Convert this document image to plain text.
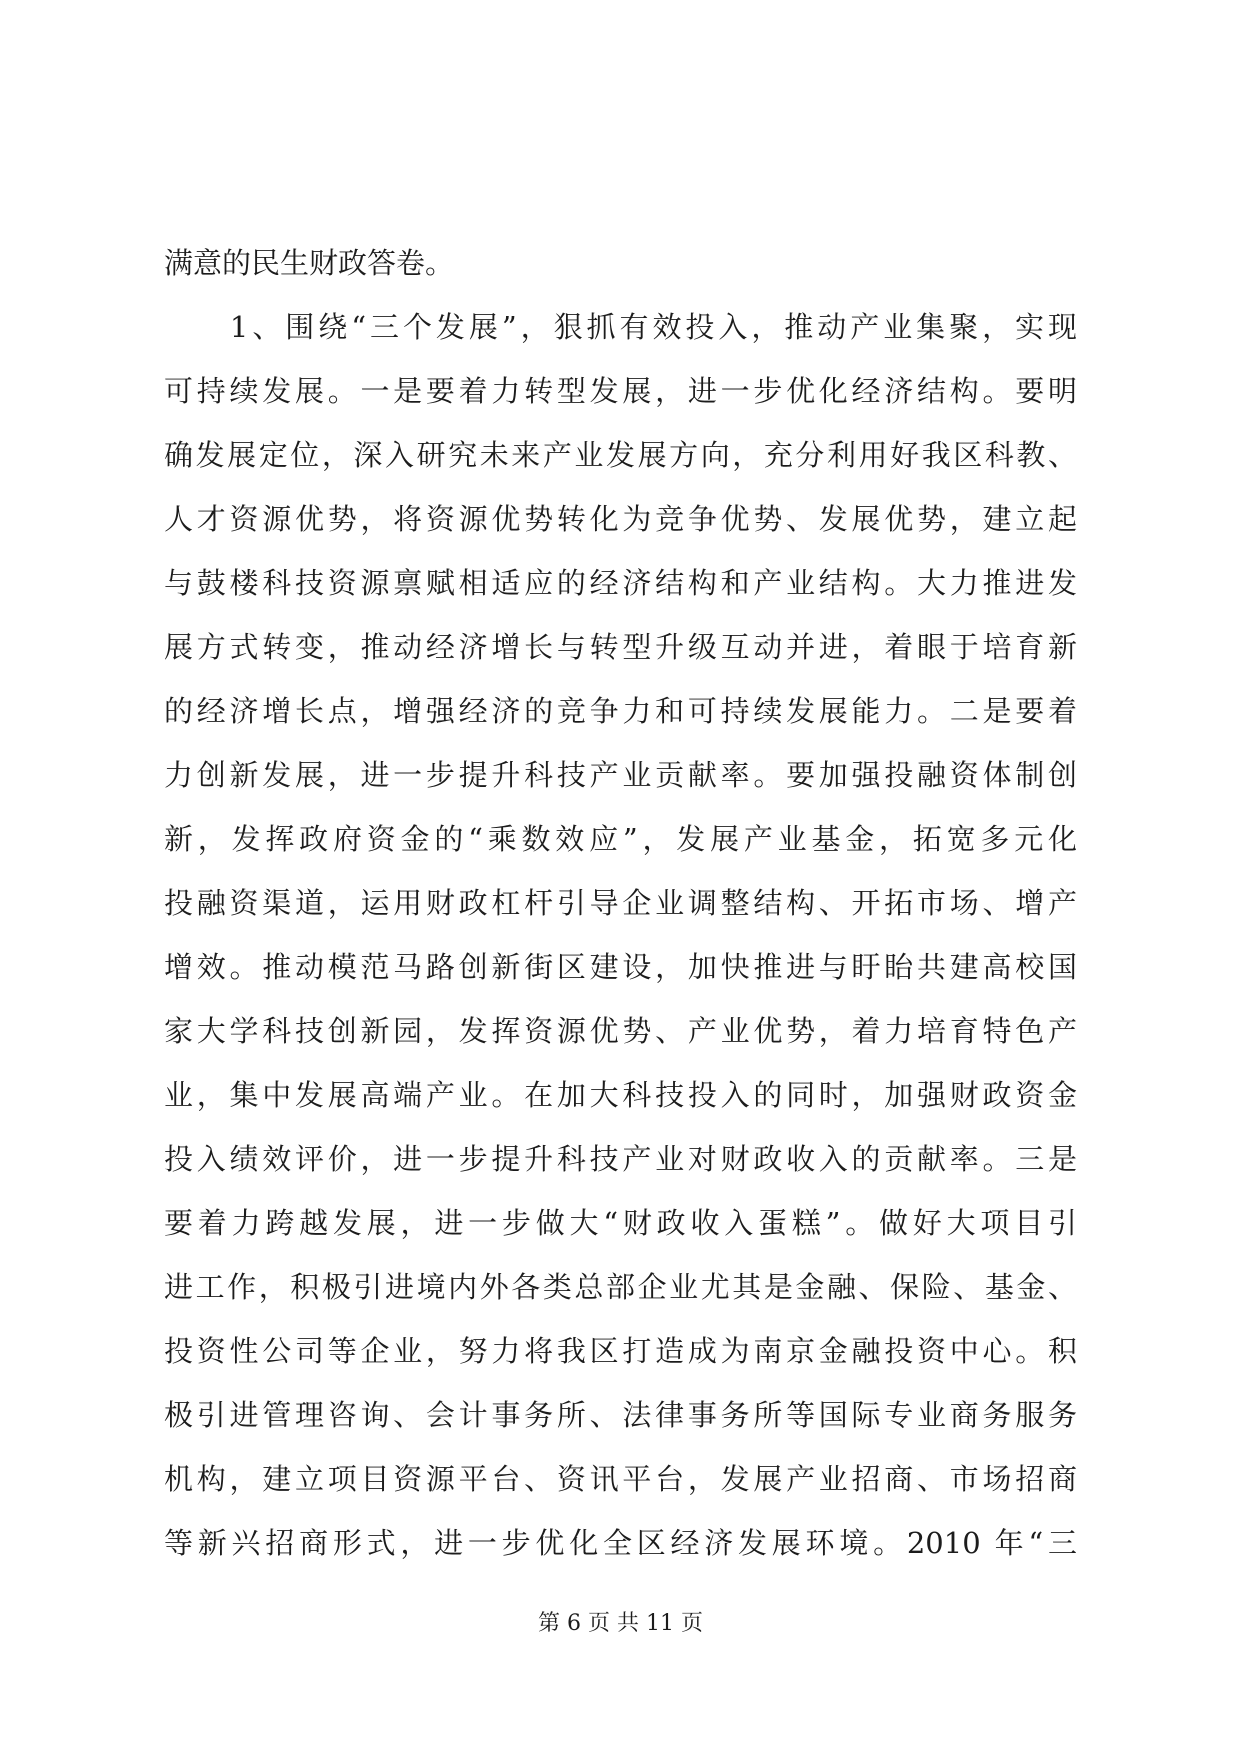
满意的民生财政答卷。
　　1、围绕“三个发展”，狠抓有效投入，推动产业集聚，实现
可持续发展。一是要着力转型发展，进一步优化经济结构。要明
确发展定位，深入研究未来产业发展方向，充分利用好我区科教、
人才资源优势，将资源优势转化为竞争优势、发展优势，建立起
与鼓楼科技资源禀赋相适应的经济结构和产业结构。大力推进发
展方式转变，推动经济增长与转型升级互动并进，着眼于培育新
的经济增长点，增强经济的竞争力和可持续发展能力。二是要着
力创新发展，进一步提升科技产业贡献率。要加强投融资体制创
新，发挥政府资金的“乘数效应”，发展产业基金，拓宽多元化
投融资渠道，运用财政杠杆引导企业调整结构、开拓市场、增产
增效。推动模范马路创新街区建设，加快推进与盱眙共建高校国
家大学科技创新园，发挥资源优势、产业优势，着力培育特色产
业，集中发展高端产业。在加大科技投入的同时，加强财政资金
投入绩效评价，进一步提升科技产业对财政收入的贡献率。三是
要着力跨越发展，进一步做大“财政收入蛋糕”。做好大项目引
进工作，积极引进境内外各类总部企业尤其是金融、保险、基金、
投资性公司等企业，努力将我区打造成为南京金融投资中心。积
极引进管理咨询、会计事务所、法律事务所等国际专业商务服务
机构，建立项目资源平台、资讯平台，发展产业招商、市场招商
等新兴招商形式，进一步优化全区经济发展环境。2010 年“三
第 6 页 共 11 页
